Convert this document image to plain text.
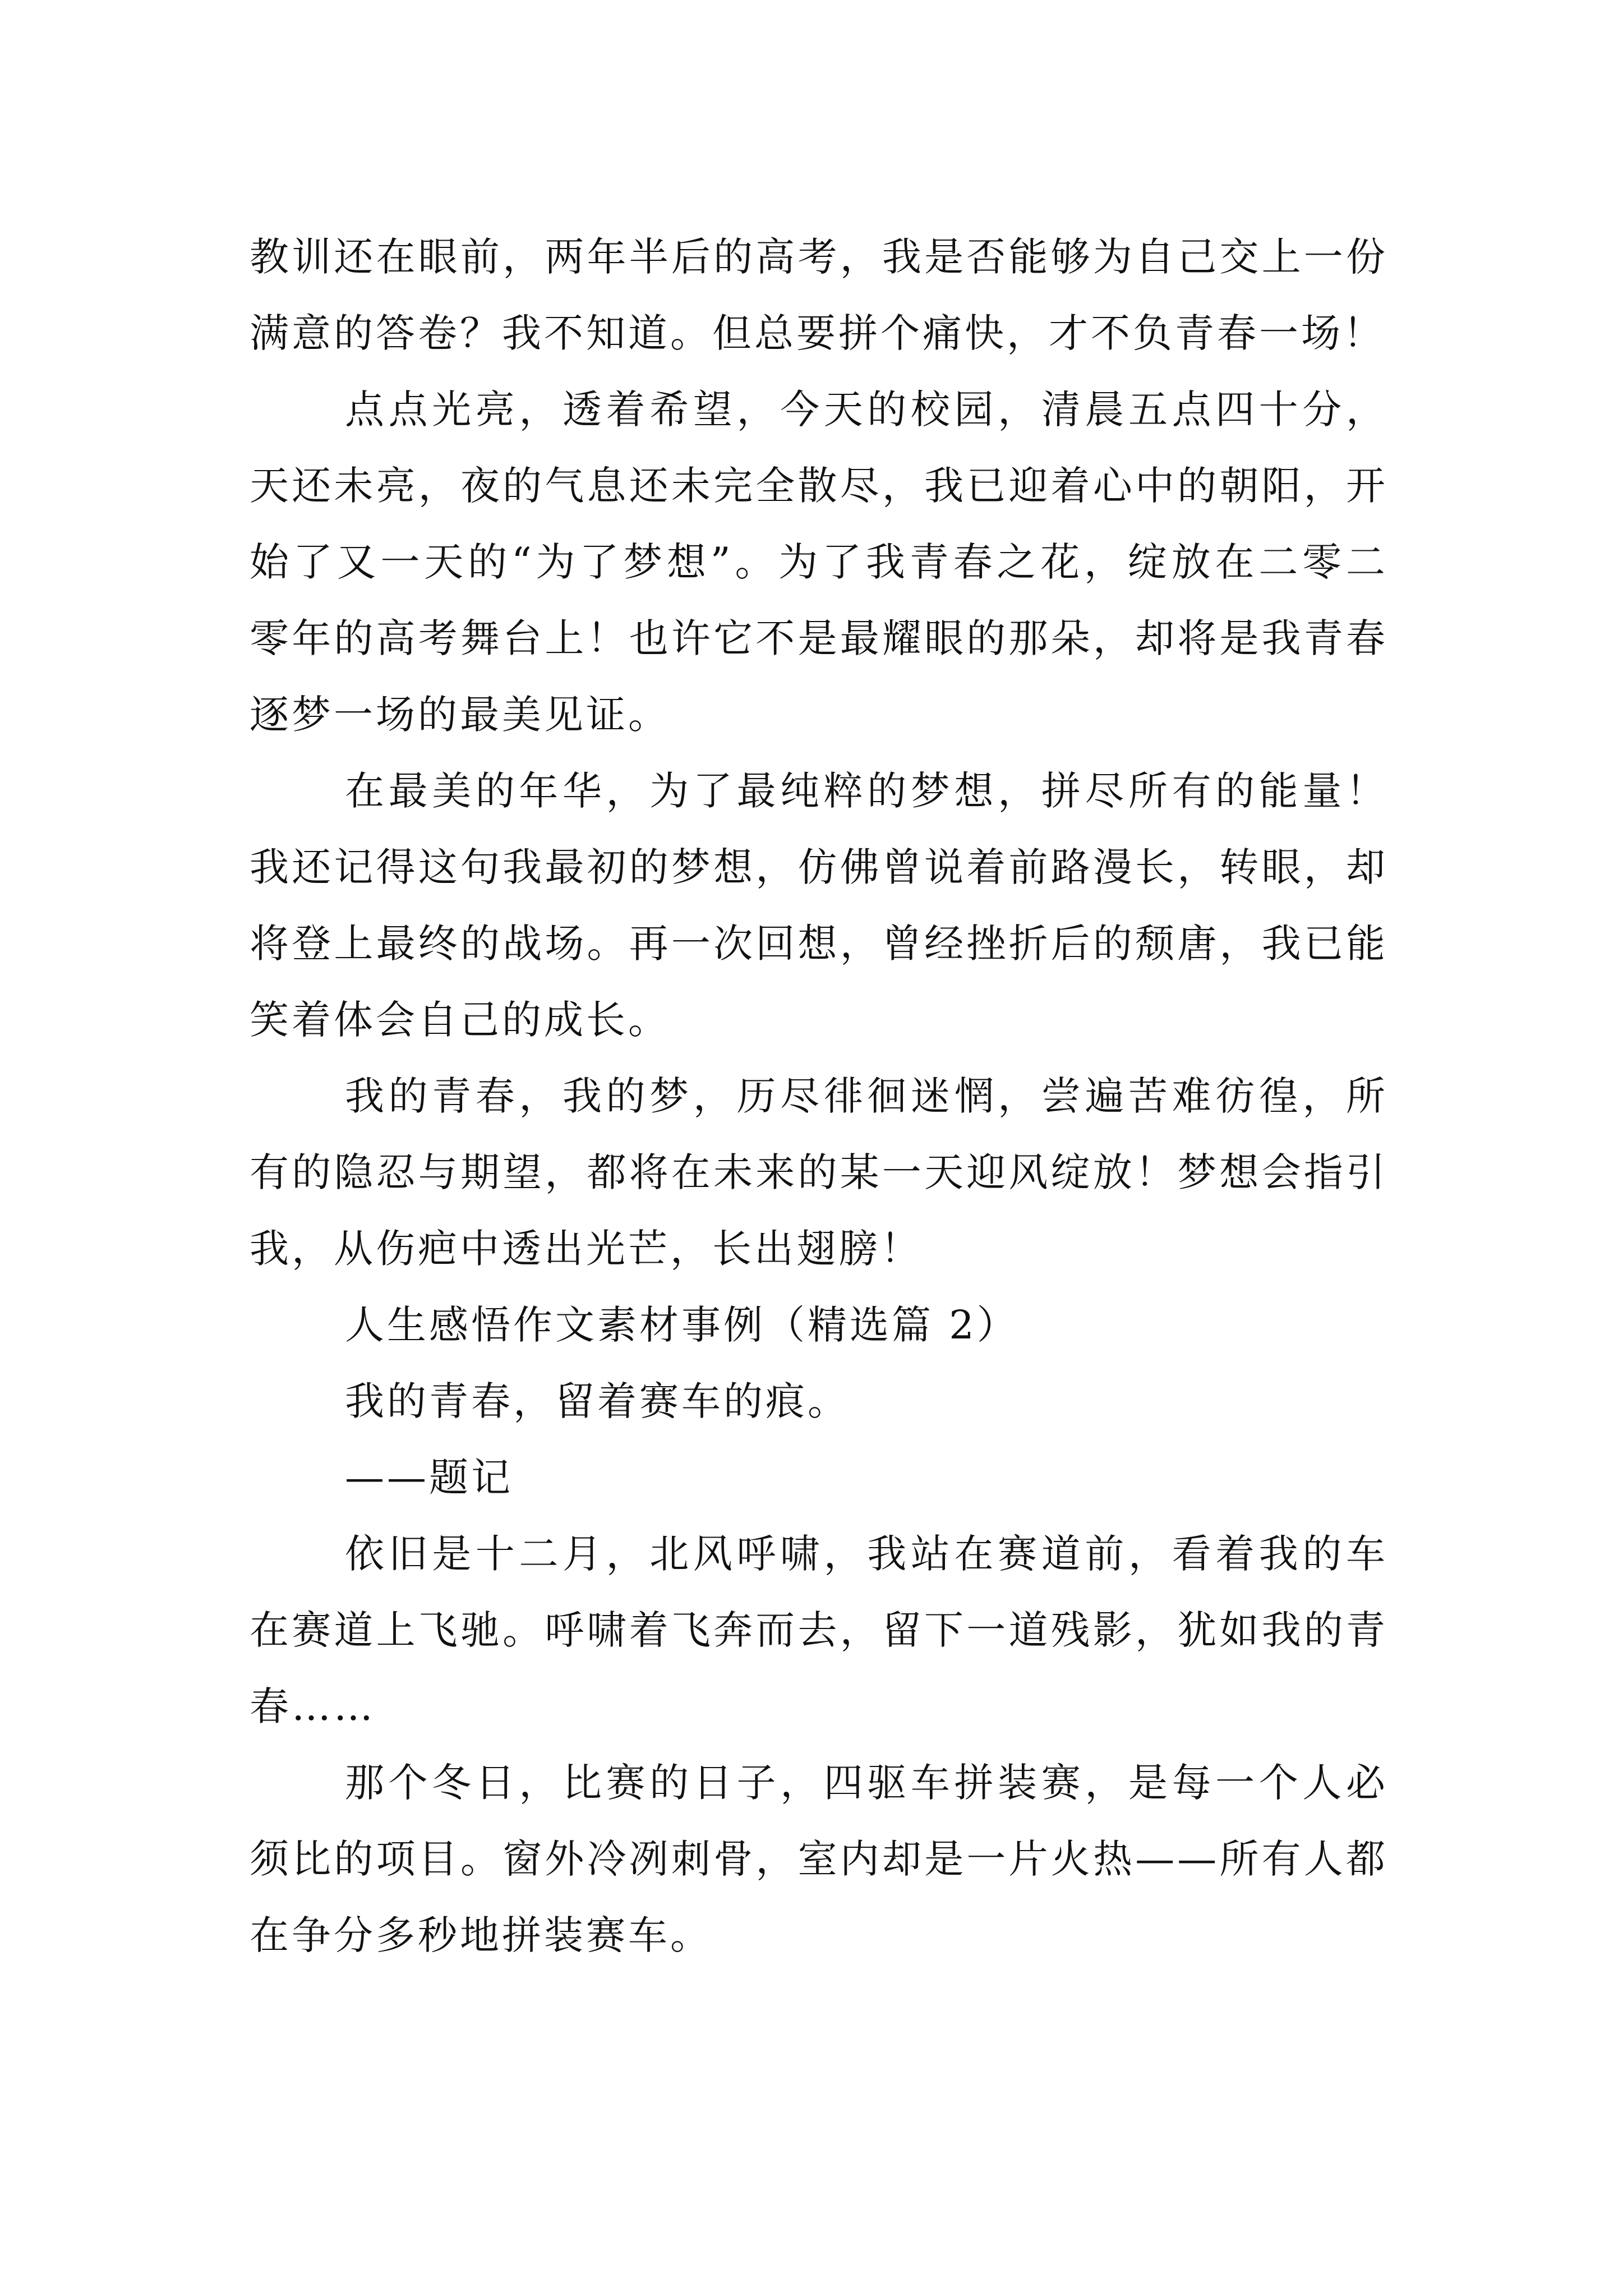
教训还在眼前，两年半后的高考，我是否能够为自己交上一份满意的答卷？我不知道。但总要拼个痛快，才不负青春一场！

点点光亮，透着希望，今天的校园，清晨五点四十分，天还未亮，夜的气息还未完全散尽，我已迎着心中的朝阳，开始了又一天的“为了梦想”。为了我青春之花，绽放在二零二零年的高考舞台上！也许它不是最耀眼的那朵，却将是我青春逐梦一场的最美见证。

在最美的年华，为了最纯粹的梦想，拼尽所有的能量！我还记得这句我最初的梦想，仿佛曾说着前路漫长，转眼，却将登上最终的战场。再一次回想，曾经挫折后的颓唐，我已能笑着体会自己的成长。

我的青春，我的梦，历尽徘徊迷惘，尝遍苦难彷徨，所有的隐忍与期望，都将在未来的某一天迎风绽放！梦想会指引我，从伤疤中透出光芒，长出翅膀！

人生感悟作文素材事例（精选篇 2）

我的青春，留着赛车的痕。

——题记

依旧是十二月，北风呼啸，我站在赛道前，看着我的车在赛道上飞驰。呼啸着飞奔而去，留下一道残影，犹如我的青春……

那个冬日，比赛的日子，四驱车拼装赛，是每一个人必须比的项目。窗外冷冽刺骨，室内却是一片火热——所有人都在争分多秒地拼装赛车。
